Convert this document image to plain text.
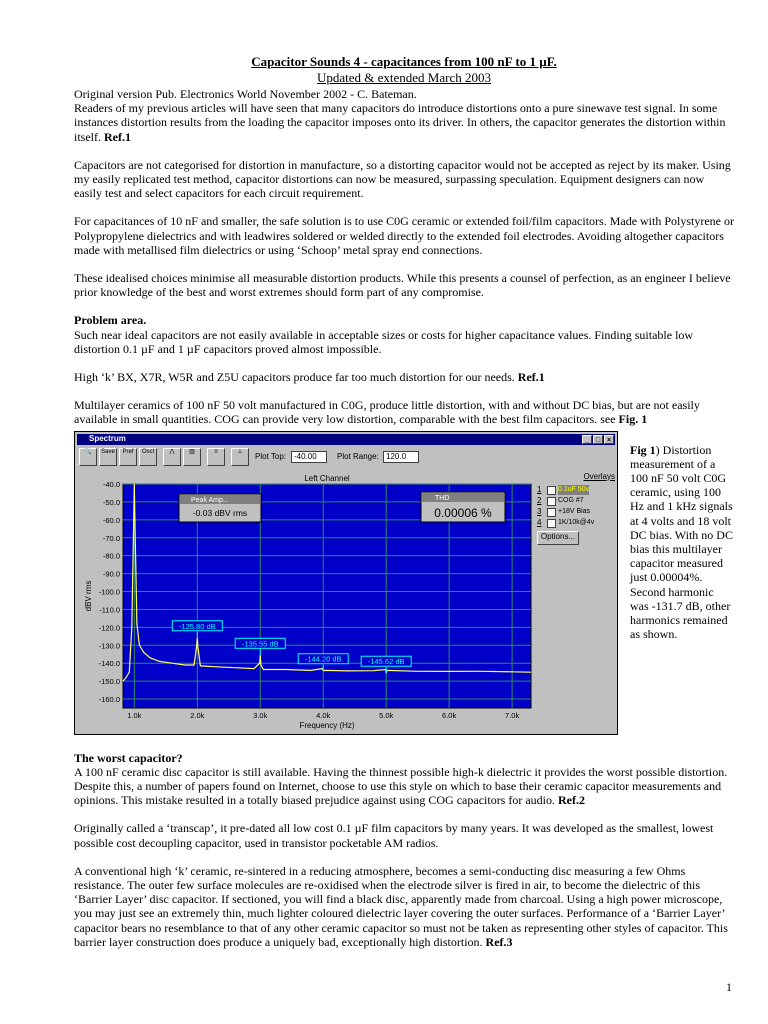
Capacitor Sounds 4 - capacitances from 100 nF to 1 µF.
Updated & extended March 2003

Original version Pub. Electronics World November 2002 - C. Bateman.

Readers of my previous articles will have seen that many capacitors do introduce distortions onto a pure sinewave test signal. In some instances distortion results from the loading the capacitor imposes onto its driver. In others, the capacitor generates the distortion within itself. Ref.1

Capacitors are not categorised for distortion in manufacture, so a distorting capacitor would not be accepted as reject by its maker. Using my easily replicated test method, capacitor distortions can now be measured, surpassing speculation. Equipment designers can now easily test and select capacitors for each circuit requirement.

For capacitances of 10 nF and smaller, the safe solution is to use C0G ceramic or extended foil/film capacitors. Made with Polystyrene or Polypropylene dielectrics and with leadwires soldered or welded directly to the extended foil electrodes. Avoiding altogether capacitors made with metallised film dielectrics or using ‘Schoop’ metal spray end connections.

These idealised choices minimise all measurable distortion products. While this presents a counsel of perfection, as an engineer I believe prior knowledge of the best and worst extremes should form part of any compromise.

Problem area.

Such near ideal capacitors are not easily available in acceptable sizes or costs for higher capacitance values. Finding suitable low distortion 0.1 µF and 1 µF capacitors proved almost impossible.

High ‘k’ BX, X7R, W5R and Z5U capacitors produce far too much distortion for our needs. Ref.1

Multilayer ceramics of 100 nF 50 volt manufactured in C0G, produce little distortion, with and without DC bias, but are not easily available in small quantities. COG can provide very low distortion, comparable with the best film capacitors. see Fig. 1

Spectrum	_ □ ×
🔍	Save	Pref	Oscl	⋀	▥	≡	⊥	Plot Top:	-40.00	Plot Range: 120.0
Left Channel
-40.0
-50.0
-60.0
-70.0
-80.0
-90.0
-100.0
-110.0
-120.0
-130.0
-140.0
-150.0
-160.0
1.0k	2.0k	3.0k	4.0k	5.0k	6.0k	7.0k
Frequency (Hz)
dBV rms
-125.80 dB
-135.55 dB
-144.20 dB	-145.62 dB
Peak Amp...
-0.03 dBV rms
THD
0.00006 %
Overlays
1	0.1uF 50v
2	COG #7
3	+18V Bias
4	1K/10k@4v
Options...
Fig 1) Distortion measurement of a 100 nF 50 volt C0G ceramic, using 100 Hz and 1 kHz signals at 4 volts and 18 volt DC bias. With no DC bias this multilayer capacitor measured just 0.00004%. Second harmonic was -131.7 dB, other harmonics remained as shown.

The worst capacitor?

A 100 nF ceramic disc capacitor is still available. Having the thinnest possible high-k dielectric it provides the worst possible distortion. Despite this, a number of papers found on Internet, choose to use this style on which to base their ceramic capacitor measurements and opinions. This mistake resulted in a totally biased prejudice against using COG capacitors for audio. Ref.2

Originally called a ‘transcap’, it pre-dated all low cost 0.1 µF film capacitors by many years. It was developed as the smallest, lowest possible cost decoupling capacitor, used in transistor pocketable AM radios.

A conventional high ‘k’ ceramic, re-sintered in a reducing atmosphere, becomes a semi-conducting disc measuring a few Ohms resistance. The outer few surface molecules are re-oxidised when the electrode silver is fired in air, to become the dielectric of this ‘Barrier Layer’ disc capacitor. If sectioned, you will find a black disc, apparently made from charcoal. Using a high power microscope, you may just see an extremely thin, much lighter coloured dielectric layer covering the outer surfaces. Performance of a ‘Barrier Layer’ capacitor bears no resemblance to that of any other ceramic capacitor so must not be taken as representing other styles of capacitor. This barrier layer construction does produce a uniquely bad, exceptionally high distortion. Ref.3

1
